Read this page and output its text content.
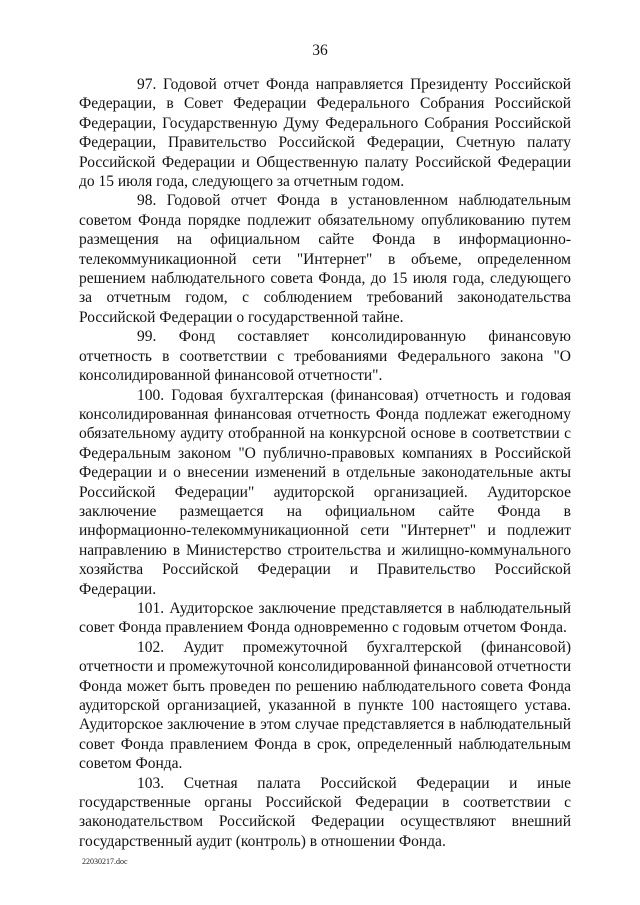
36

97. Годовой отчет Фонда направляется Президенту Российской Федерации, в Совет Федерации Федерального Собрания Российской Федерации, Государственную Думу Федерального Собрания Российской Федерации, Правительство Российской Федерации, Счетную палату Российской Федерации и Общественную палату Российской Федерации до 15 июля года, следующего за отчетным годом.

98. Годовой отчет Фонда в установленном наблюдательным советом Фонда порядке подлежит обязательному опубликованию путем размещения на официальном сайте Фонда в информационно-телекоммуникационной сети "Интернет" в объеме, определенном решением наблюдательного совета Фонда, до 15 июля года, следующего за отчетным годом, с соблюдением требований законодательства Российской Федерации о государственной тайне.

99. Фонд составляет консолидированную финансовую отчетность в соответствии с требованиями Федерального закона "О консолидированной финансовой отчетности".

100. Годовая бухгалтерская (финансовая) отчетность и годовая консолидированная финансовая отчетность Фонда подлежат ежегодному обязательному аудиту отобранной на конкурсной основе в соответствии с Федеральным законом "О публично-правовых компаниях в Российской Федерации и о внесении изменений в отдельные законодательные акты Российской Федерации" аудиторской организацией. Аудиторское заключение размещается на официальном сайте Фонда в информационно-телекоммуникационной сети "Интернет" и подлежит направлению в Министерство строительства и жилищно-коммунального хозяйства Российской Федерации и Правительство Российской Федерации.

101. Аудиторское заключение представляется в наблюдательный совет Фонда правлением Фонда одновременно с годовым отчетом Фонда.

102. Аудит промежуточной бухгалтерской (финансовой) отчетности и промежуточной консолидированной финансовой отчетности Фонда может быть проведен по решению наблюдательного совета Фонда аудиторской организацией, указанной в пункте 100 настоящего устава. Аудиторское заключение в этом случае представляется в наблюдательный совет Фонда правлением Фонда в срок, определенный наблюдательным советом Фонда.

103. Счетная палата Российской Федерации и иные государственные органы Российской Федерации в соответствии с законодательством Российской Федерации осуществляют внешний государственный аудит (контроль) в отношении Фонда.

22030217.doc
